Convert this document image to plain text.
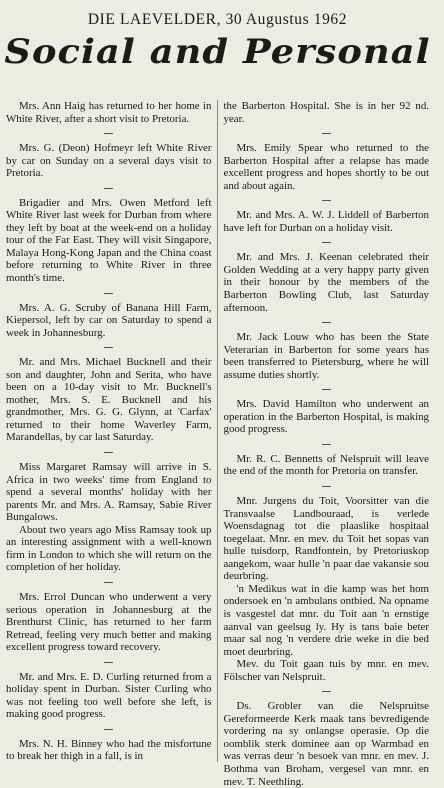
DIE LAEVELDER, 30 Augustus 1962
Social and Personal

Mrs. Ann Haig has returned to her home in White River, after a short visit to Pretoria.

Mrs. G. (Deon) Hofmeyr left White River by car on Sunday on a several days visit to Pretoria.

Brigadier and Mrs. Owen Metford left White River last week for Durban from where they left by boat at the week-end on a holiday tour of the Far East. They will visit Singapore, Malaya Hong-Kong Japan and the China coast before returning to White River in three month's time.

Mrs. A. G. Scruby of Banana Hill Farm, Kiepersol, left by car on Saturday to spend a week in Johannesburg.

Mr. and Mrs. Michael Bucknell and their son and daughter, John and Serita, who have been on a 10-day visit to Mr. Bucknell's mother, Mrs. S. E. Bucknell and his grandmother, Mrs. G. G. Glynn, at 'Carfax' returned to their home Waverley Farm, Marandellas, by car last Saturday.

Miss Margaret Ramsay will arrive in S. Africa in two weeks' time from England to spend a several months' holiday with her parents Mr. and Mrs. A. Ramsay, Sabie River Bungalows.

About two years ago Miss Ramsay took up an interesting assignment with a well-known firm in London to which she will return on the completion of her holiday.

Mrs. Errol Duncan who underwent a very serious operation in Johannesburg at the Brenthurst Clinic, has returned to her farm Retread, feeling very much better and making excellent progress toward recovery.

Mr. and Mrs. E. D. Curling returned from a holiday spent in Durban. Sister Curling who was not feeling too well before she left, is making good progress.

Mrs. N. H. Binney who had the misfortune to break her thigh in a fall, is in

the Barberton Hospital. She is in her 92 nd. year.

Mrs. Emily Spear who returned to the Barberton Hospital after a relapse has made excellent progress and hopes shortly to be out and about again.

Mr. and Mrs. A. W. J. Liddell of Barberton have left for Durban on a holiday visit.

Mr. and Mrs. J. Keenan celebrated their Golden Wedding at a very happy party given in their honour by the members of the Barberton Bowling Club, last Saturday afternoon.

Mr. Jack Louw who has been the State Veterarian in Barberton for some years has been transferred to Pietersburg, where he will assume duties shortly.

Mrs. David Hamilton who underwent an operation in the Barberton Hospital, is making good progress.

Mr. R. C. Bennetts of Nelspruit will leave the end of the month for Pretoria on transfer.

Mnr. Jurgens du Toit, Voorsitter van die Transvaalse Landbouraad, is verlede Woensdagnag tot die plaaslike hospitaal toegelaat. Mnr. en mev. du Toit het sopas van hulle tuisdorp, Randfontein, by Pretoriuskop aangekom, waar hulle 'n paar dae vakansie sou deurbring.

'n Medikus wat in die kamp was het hom ondersoek en 'n ambulans ontbied. Na opname is vasgestel dat mnr. du Toit aan 'n ernstige aanval van geelsug ly. Hy is tans baie beter maar sal nog 'n verdere drie weke in die bed moet deurbring.

Mev. du Toit gaan tuis by mnr. en mev. Fölscher van Nelspruit.

Ds. Grobler van die Nelspruitse Gereformeerde Kerk maak tans bevredigende vordering na sy onlangse operasie. Op die oomblik sterk dominee aan op Warmbad en was verras deur 'n besoek van mnr. en mev. J. Bothma van Broham, vergesel van mnr. en mev. T. Neethling.
